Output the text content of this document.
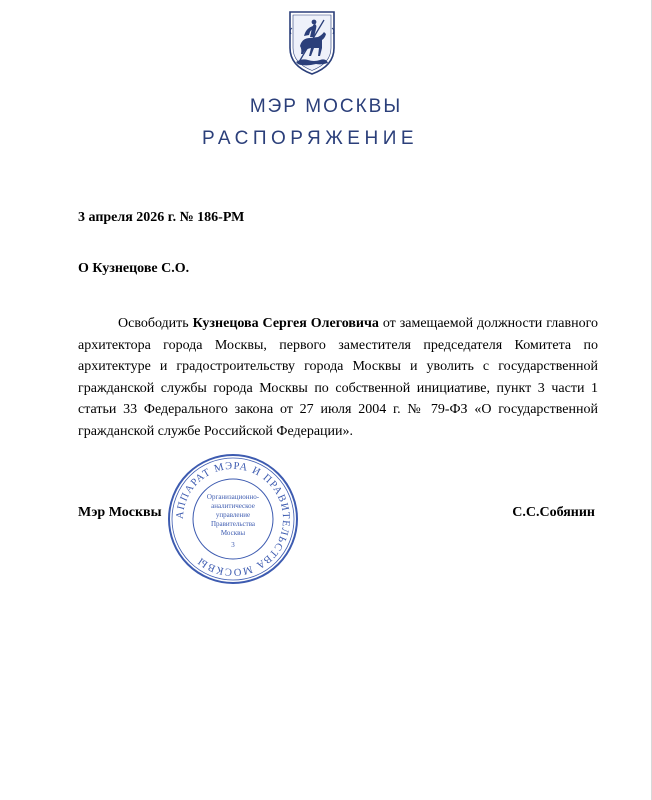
МЭР МОСКВЫ
РАСПОРЯЖЕНИЕ
3 апреля 2026 г. № 186-РМ
О Кузнецове С.О.
Освободить Кузнецова Сергея Олеговича от замещаемой должности главного архитектора города Москвы, первого заместителя председателя Комитета по архитектуре и градостроительству города Москвы и уволить с государственной гражданской службы города Москвы по собственной инициативе, пункт 3 части 1 статьи 33 Федерального закона от 27 июля 2004 г. № 79-ФЗ «О государственной гражданской службе Российской Федерации».
АППАРАТ МЭРА И ПРАВИТЕЛЬСТВА МОСКВЫ
Организационно-
аналитическое
управление
Правительства
Москвы
3
Мэр Москвы	С.С.Собянин
